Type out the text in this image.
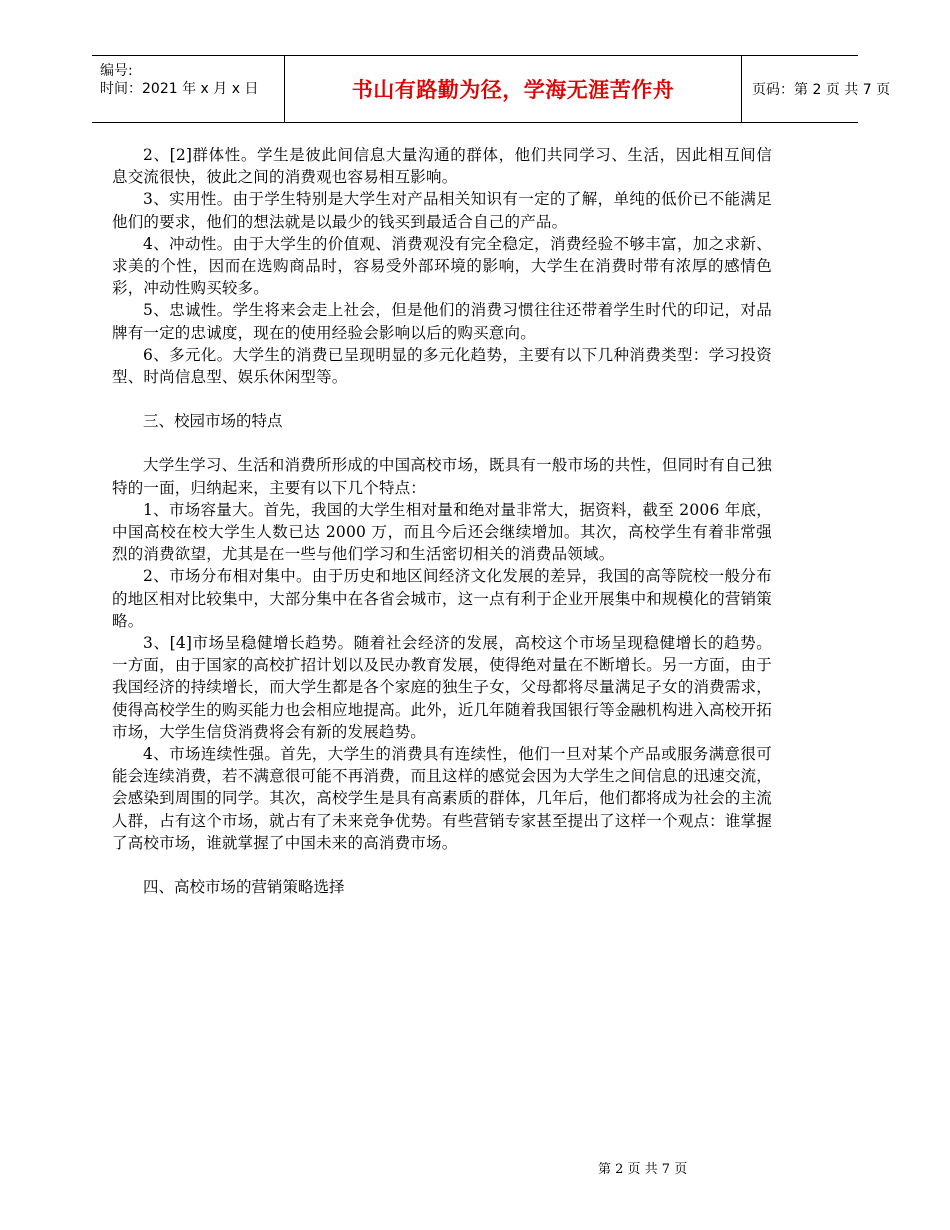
编号:
时间：2021 年 x 月 x 日	书山有路勤为径，学海无涯苦作舟	页码：第 2 页 共 7 页

2、[2]群体性。学生是彼此间信息大量沟通的群体，他们共同学习、生活，因此相互间信息交流很快，彼此之间的消费观也容易相互影响。

3、实用性。由于学生特别是大学生对产品相关知识有一定的了解，单纯的低价已不能满足他们的要求，他们的想法就是以最少的钱买到最适合自己的产品。

4、冲动性。由于大学生的价值观、消费观没有完全稳定，消费经验不够丰富，加之求新、求美的个性，因而在选购商品时，容易受外部环境的影响，大学生在消费时带有浓厚的感情色彩，冲动性购买较多。

5、忠诚性。学生将来会走上社会，但是他们的消费习惯往往还带着学生时代的印记，对品牌有一定的忠诚度，现在的使用经验会影响以后的购买意向。

6、多元化。大学生的消费已呈现明显的多元化趋势，主要有以下几种消费类型：学习投资型、时尚信息型、娱乐休闲型等。

三、校园市场的特点

大学生学习、生活和消费所形成的中国高校市场，既具有一般市场的共性，但同时有自己独特的一面，归纳起来，主要有以下几个特点：

1、市场容量大。首先，我国的大学生相对量和绝对量非常大，据资料，截至 2006 年底，中国高校在校大学生人数已达 2000 万，而且今后还会继续增加。其次，高校学生有着非常强烈的消费欲望，尤其是在一些与他们学习和生活密切相关的消费品领域。

2、市场分布相对集中。由于历史和地区间经济文化发展的差异，我国的高等院校一般分布的地区相对比较集中，大部分集中在各省会城市，这一点有利于企业开展集中和规模化的营销策略。

3、[4]市场呈稳健增长趋势。随着社会经济的发展，高校这个市场呈现稳健增长的趋势。一方面，由于国家的高校扩招计划以及民办教育发展，使得绝对量在不断增长。另一方面，由于我国经济的持续增长，而大学生都是各个家庭的独生子女，父母都将尽量满足子女的消费需求，使得高校学生的购买能力也会相应地提高。此外，近几年随着我国银行等金融机构进入高校开拓市场，大学生信贷消费将会有新的发展趋势。

4、市场连续性强。首先，大学生的消费具有连续性，他们一旦对某个产品或服务满意很可能会连续消费，若不满意很可能不再消费，而且这样的感觉会因为大学生之间信息的迅速交流，会感染到周围的同学。其次，高校学生是具有高素质的群体，几年后，他们都将成为社会的主流人群，占有这个市场，就占有了未来竞争优势。有些营销专家甚至提出了这样一个观点：谁掌握了高校市场，谁就掌握了中国未来的高消费市场。

四、高校市场的营销策略选择

第 2 页 共 7 页
